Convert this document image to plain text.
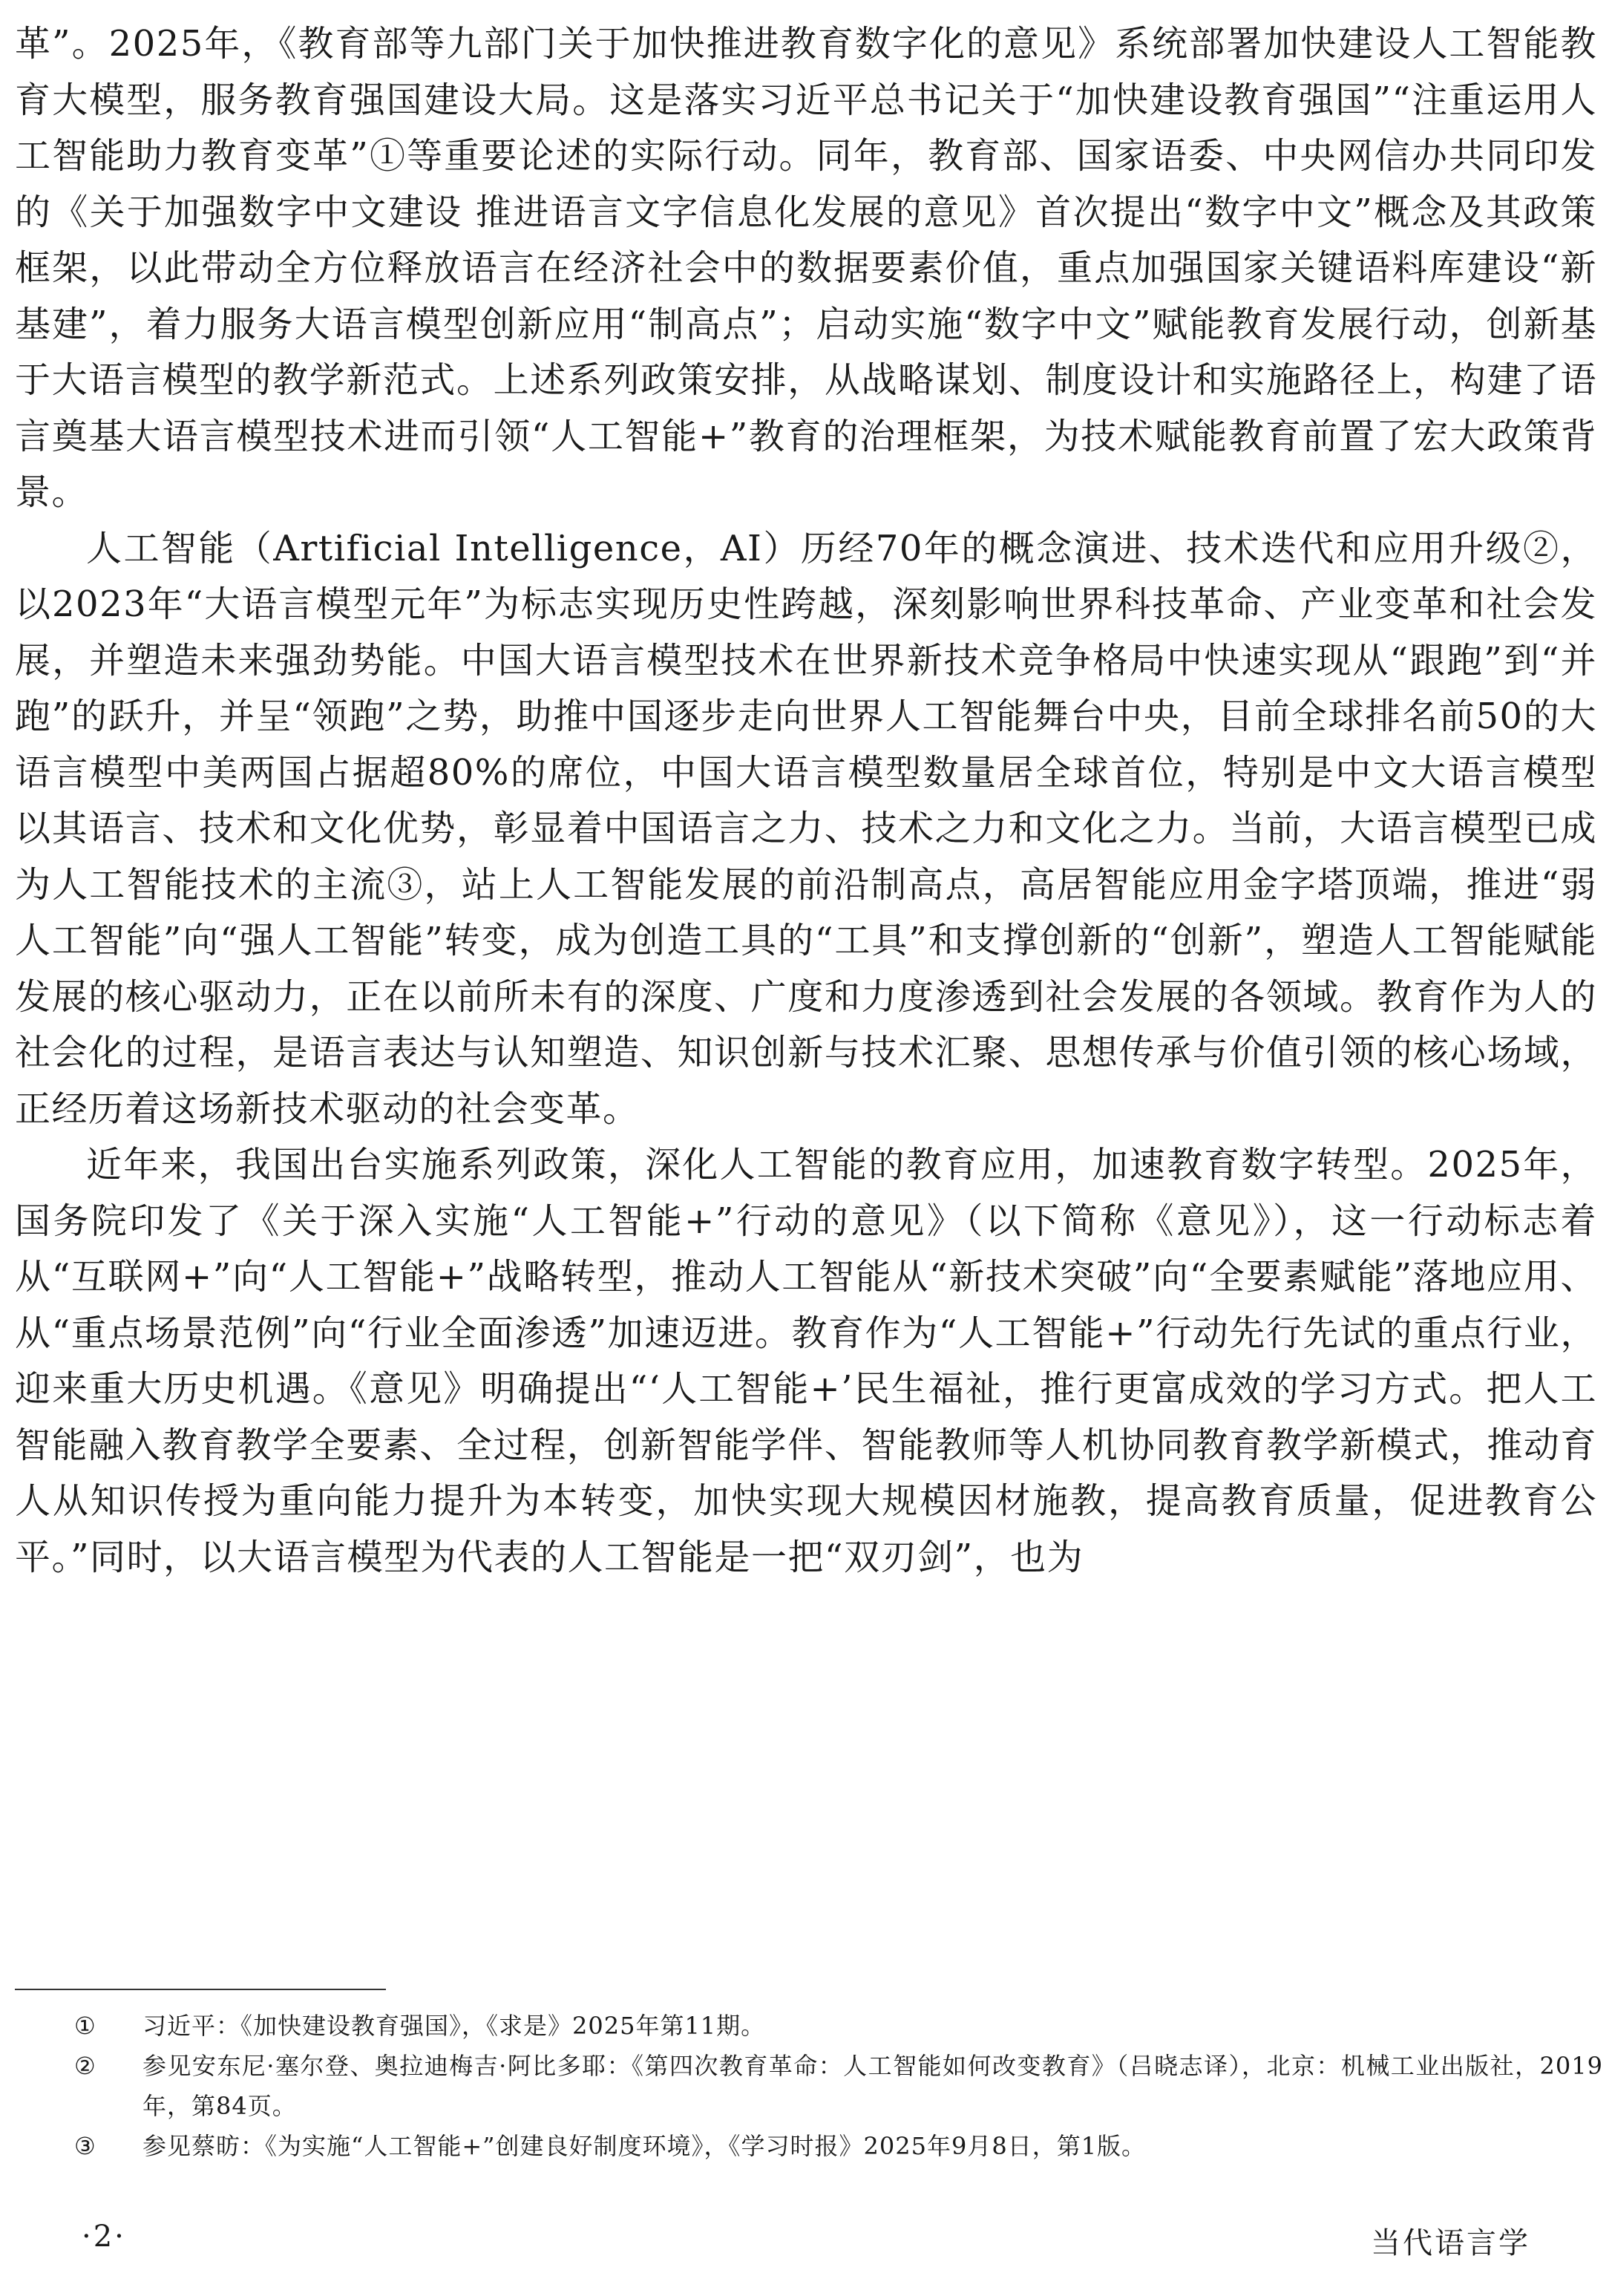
革”。2025年，《教育部等九部门关于加快推进教育数字化的意见》系统部署加快建设人工智能教育大模型，服务教育强国建设大局。这是落实习近平总书记关于“加快建设教育强国”“注重运用人工智能助力教育变革”①等重要论述的实际行动。同年，教育部、国家语委、中央网信办共同印发的《关于加强数字中文建设 推进语言文字信息化发展的意见》首次提出“数字中文”概念及其政策框架，以此带动全方位释放语言在经济社会中的数据要素价值，重点加强国家关键语料库建设“新基建”，着力服务大语言模型创新应用“制高点”；启动实施“数字中文”赋能教育发展行动，创新基于大语言模型的教学新范式。上述系列政策安排，从战略谋划、制度设计和实施路径上，构建了语言奠基大语言模型技术进而引领“人工智能+”教育的治理框架，为技术赋能教育前置了宏大政策背景。

人工智能（Artificial Intelligence，AI）历经70年的概念演进、技术迭代和应用升级②，以2023年“大语言模型元年”为标志实现历史性跨越，深刻影响世界科技革命、产业变革和社会发展，并塑造未来强劲势能。中国大语言模型技术在世界新技术竞争格局中快速实现从“跟跑”到“并跑”的跃升，并呈“领跑”之势，助推中国逐步走向世界人工智能舞台中央，目前全球排名前50的大语言模型中美两国占据超80%的席位，中国大语言模型数量居全球首位，特别是中文大语言模型以其语言、技术和文化优势，彰显着中国语言之力、技术之力和文化之力。当前，大语言模型已成为人工智能技术的主流③，站上人工智能发展的前沿制高点，高居智能应用金字塔顶端，推进“弱人工智能”向“强人工智能”转变，成为创造工具的“工具”和支撑创新的“创新”，塑造人工智能赋能发展的核心驱动力，正在以前所未有的深度、广度和力度渗透到社会发展的各领域。教育作为人的社会化的过程，是语言表达与认知塑造、知识创新与技术汇聚、思想传承与价值引领的核心场域，正经历着这场新技术驱动的社会变革。

近年来，我国出台实施系列政策，深化人工智能的教育应用，加速教育数字转型。2025年，国务院印发了《关于深入实施“人工智能+”行动的意见》（以下简称《意见》），这一行动标志着从“互联网+”向“人工智能+”战略转型，推动人工智能从“新技术突破”向“全要素赋能”落地应用、从“重点场景范例”向“行业全面渗透”加速迈进。教育作为“人工智能+”行动先行先试的重点行业，迎来重大历史机遇。《意见》明确提出“‘人工智能+’民生福祉，推行更富成效的学习方式。把人工智能融入教育教学全要素、全过程，创新智能学伴、智能教师等人机协同教育教学新模式，推动育人从知识传授为重向能力提升为本转变，加快实现大规模因材施教，提高教育质量，促进教育公平。”同时，以大语言模型为代表的人工智能是一把“双刃剑”，也为

①	习近平：《加快建设教育强国》，《求是》2025年第11期。
②	参见安东尼·塞尔登、奥拉迪梅吉·阿比多耶：《第四次教育革命：人工智能如何改变教育》（吕晓志译），北京：机械工业出版社，2019年，第84页。
③	参见蔡昉：《为实施“人工智能+”创建良好制度环境》，《学习时报》2025年9月8日，第1版。
·2·	当代语言学
